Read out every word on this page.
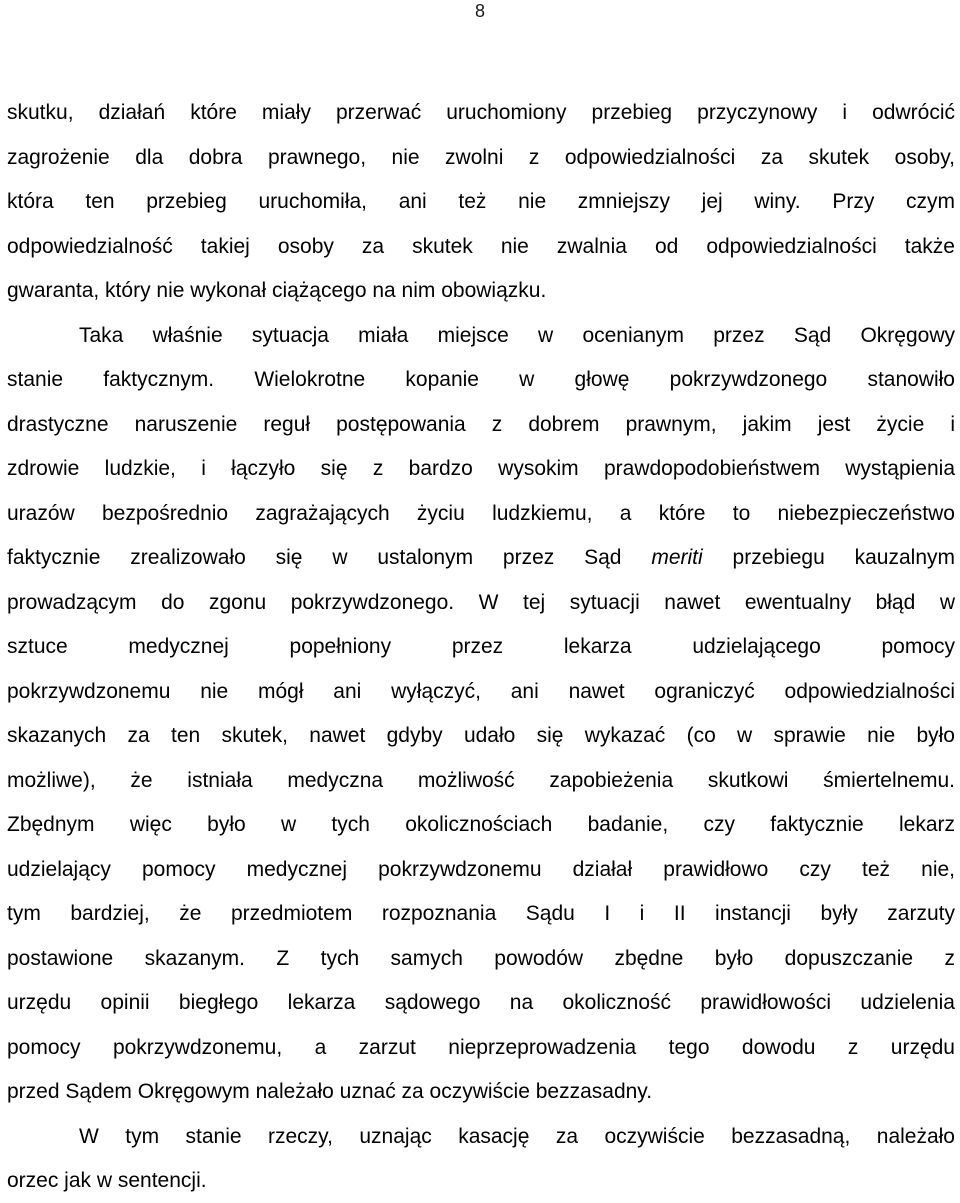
8
skutku, działań które miały przerwać uruchomiony przebieg przyczynowy i odwrócić
zagrożenie dla dobra prawnego, nie zwolni z odpowiedzialności za skutek osoby,
która ten przebieg uruchomiła, ani też nie zmniejszy jej winy. Przy czym
odpowiedzialność takiej osoby za skutek nie zwalnia od odpowiedzialności także
gwaranta, który nie wykonał ciążącego na nim obowiązku.
Taka właśnie sytuacja miała miejsce w ocenianym przez Sąd Okręgowy
stanie faktycznym. Wielokrotne kopanie w głowę pokrzywdzonego stanowiło
drastyczne naruszenie reguł postępowania z dobrem prawnym, jakim jest życie i
zdrowie ludzkie, i łączyło się z bardzo wysokim prawdopodobieństwem wystąpienia
urazów bezpośrednio zagrażających życiu ludzkiemu, a które to niebezpieczeństwo
faktycznie zrealizowało się w ustalonym przez Sąd meriti przebiegu kauzalnym
prowadzącym do zgonu pokrzywdzonego. W tej sytuacji nawet ewentualny błąd w
sztuce medycznej popełniony przez lekarza udzielającego pomocy
pokrzywdzonemu nie mógł ani wyłączyć, ani nawet ograniczyć odpowiedzialności
skazanych za ten skutek, nawet gdyby udało się wykazać (co w sprawie nie było
możliwe), że istniała medyczna możliwość zapobieżenia skutkowi śmiertelnemu.
Zbędnym więc było w tych okolicznościach badanie, czy faktycznie lekarz
udzielający pomocy medycznej pokrzywdzonemu działał prawidłowo czy też nie,
tym bardziej, że przedmiotem rozpoznania Sądu I i II instancji były zarzuty
postawione skazanym. Z tych samych powodów zbędne było dopuszczanie z
urzędu opinii biegłego lekarza sądowego na okoliczność prawidłowości udzielenia
pomocy pokrzywdzonemu, a zarzut nieprzeprowadzenia tego dowodu z urzędu
przed Sądem Okręgowym należało uznać za oczywiście bezzasadny.
W tym stanie rzeczy, uznając kasację za oczywiście bezzasadną, należało
orzec jak w sentencji.
